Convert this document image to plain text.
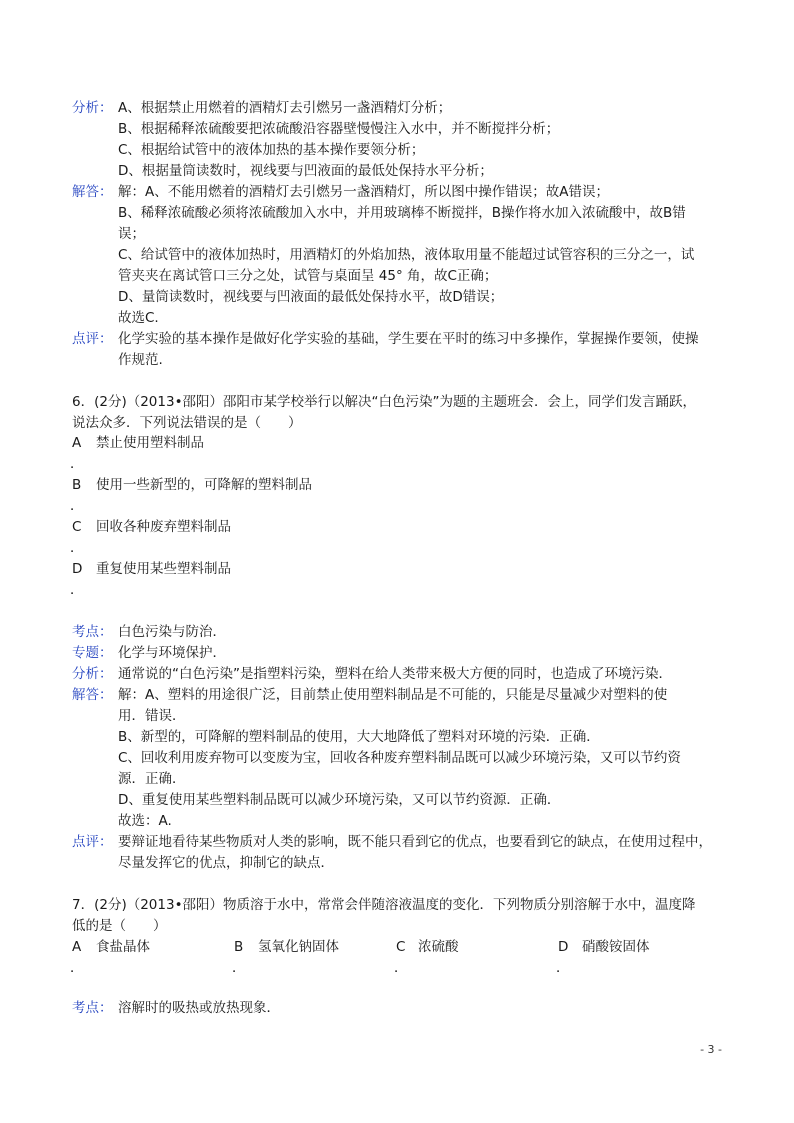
分析： A、根据禁止用燃着的酒精灯去引燃另一盏酒精灯分析；
B、根据稀释浓硫酸要把浓硫酸沿容器壁慢慢注入水中，并不断搅拌分析；
C、根据给试管中的液体加热的基本操作要领分析；
D、根据量筒读数时，视线要与凹液面的最低处保持水平分析；
解答： 解：A、不能用燃着的酒精灯去引燃另一盏酒精灯，所以图中操作错误；故A错误；
B、稀释浓硫酸必须将浓硫酸加入水中，并用玻璃棒不断搅拌，B操作将水加入浓硫酸中，故B错
误；
C、给试管中的液体加热时，用酒精灯的外焰加热，液体取用量不能超过试管容积的三分之一，试
管夹夹在离试管口三分之处，试管与桌面呈 45° 角，故C正确；
D、量筒读数时，视线要与凹液面的最低处保持水平，故D错误；
故选C.
点评： 化学实验的基本操作是做好化学实验的基础，学生要在平时的练习中多操作，掌握操作要领，使操
作规范.
6．(2分)（2013•邵阳）邵阳市某学校举行以解决“白色污染”为题的主题班会．会上，同学们发言踊跃，
说法众多．下列说法错误的是（　　）
A 禁止使用塑料制品
．
B 使用一些新型的，可降解的塑料制品
．
C 回收各种废弃塑料制品
．
D 重复使用某些塑料制品
．
考点： 白色污染与防治．
专题： 化学与环境保护．
分析： 通常说的“白色污染”是指塑料污染，塑料在给人类带来极大方便的同时，也造成了环境污染．
解答： 解：A、塑料的用途很广泛，目前禁止使用塑料制品是不可能的，只能是尽量减少对塑料的使
用．错误．
B、新型的，可降解的塑料制品的使用，大大地降低了塑料对环境的污染．正确．
C、回收利用废弃物可以变废为宝，回收各种废弃塑料制品既可以减少环境污染，又可以节约资
源．正确．
D、重复使用某些塑料制品既可以减少环境污染，又可以节约资源．正确．
故选：A.
点评： 要辩证地看待某些物质对人类的影响，既不能只看到它的优点，也要看到它的缺点，在使用过程中，
尽量发挥它的优点，抑制它的缺点．
7．(2分)（2013•邵阳）物质溶于水中，常常会伴随溶液温度的变化．下列物质分别溶解于水中，温度降
低的是（　　）
A 食盐晶体
．
B 氢氧化钠固体
．
C 浓硫酸
．
D 硝酸铵固体
．
考点： 溶解时的吸热或放热现象．
- 3 -
